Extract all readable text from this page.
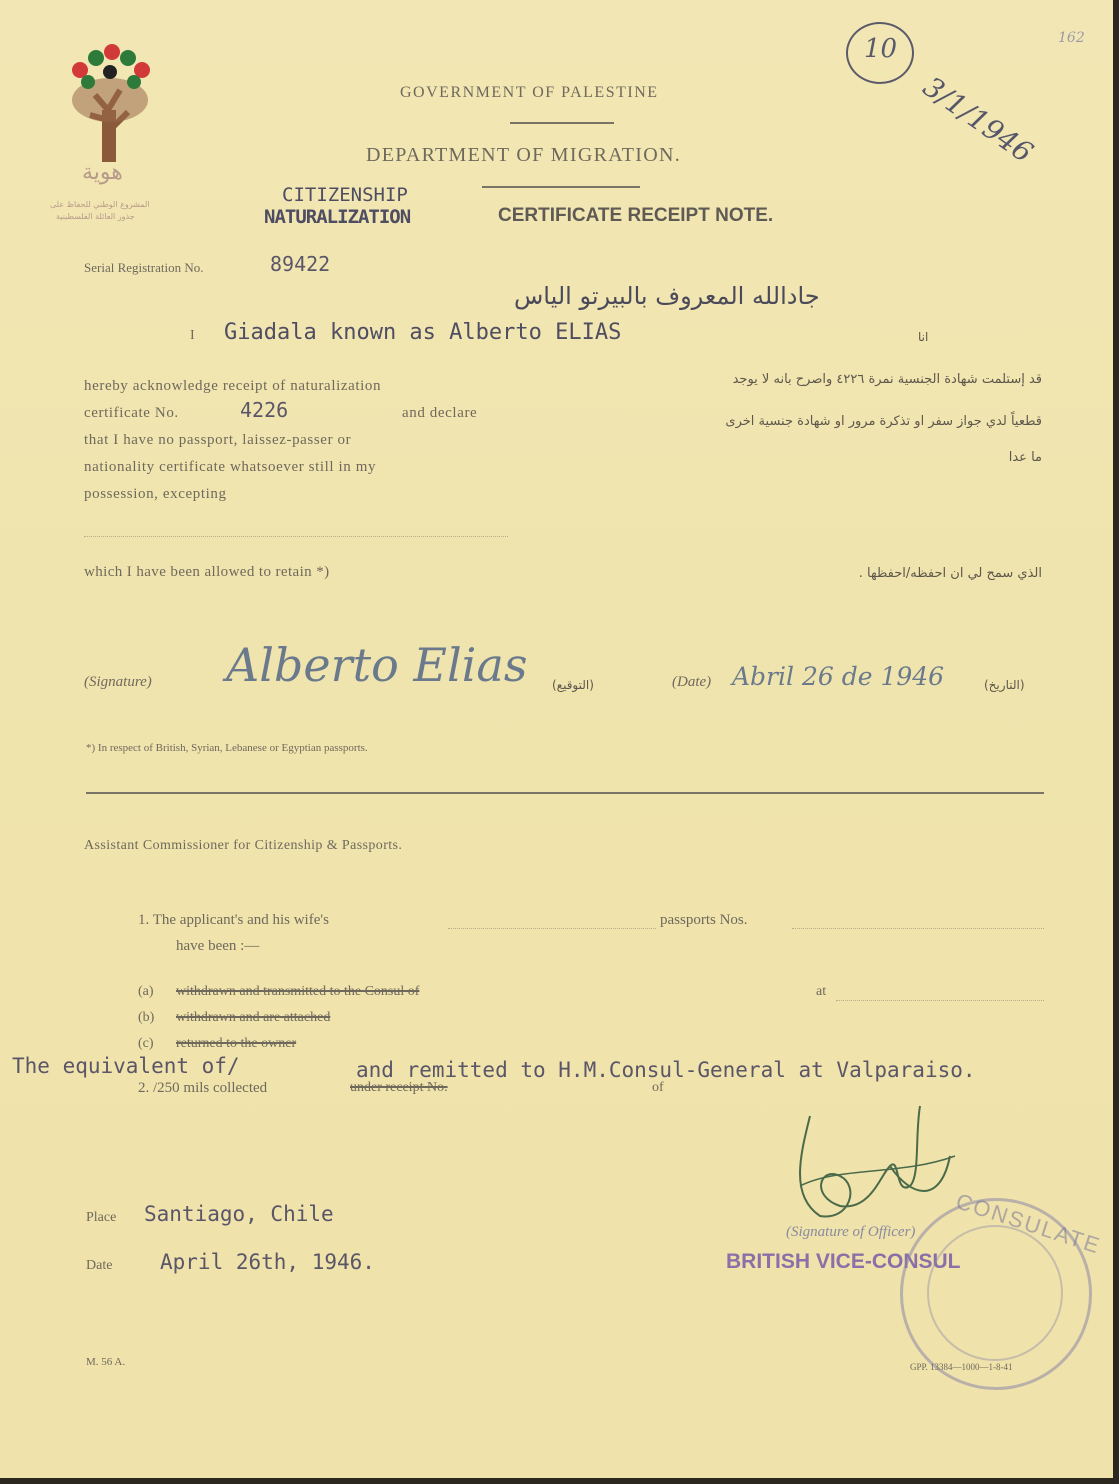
هوية
المشروع الوطني للحفاظ على
جذور العائلة الفلسطينية
GOVERNMENT OF PALESTINE
DEPARTMENT OF MIGRATION.
CITIZENSHIP
NATURALIZATION	CERTIFICATE RECEIPT NOTE.
10
3/1/1946
162
Serial Registration No.	89422
جادالله المعروف بالبيرتو الياس
I Giadala known as Alberto ELIAS	انا
hereby acknowledge receipt of naturalization
certificate No.	4226	and declare
that I have no passport, laissez-passer or
nationality certificate whatsoever still in my
possession, excepting
قد إستلمت شهادة الجنسية نمرة ٤٢٢٦ واصرح بانه لا يوجد
قطعياً لدي جواز سفر او تذكرة مرور او شهادة جنسية اخرى
ما عدا
which I have been allowed to retain *)	الذي سمح لي ان احفظه/احفظها .
(Signature) Alberto Elias (التوقيع)	(Date) Abril 26 de 1946	(التاريخ)
*) In respect of British, Syrian, Lebanese or Egyptian passports.
Assistant Commissioner for Citizenship & Passports.
1. The applicant's and his wife's	passports Nos.
have been :—
(a) withdrawn and transmitted to the Consul of	at
(b) withdrawn and are attached
(c) returned to the owner
The equivalent of/	and remitted to H.M.Consul-General at Valparaiso.
2. /250 mils collected	under receipt No.	of
(Signature of Officer)
BRITISH VICE-CONSUL
CONSULATE
Place Santiago, Chile
Date April 26th, 1946.
M. 56 A.	GPP. 13384—1000—1-8-41
